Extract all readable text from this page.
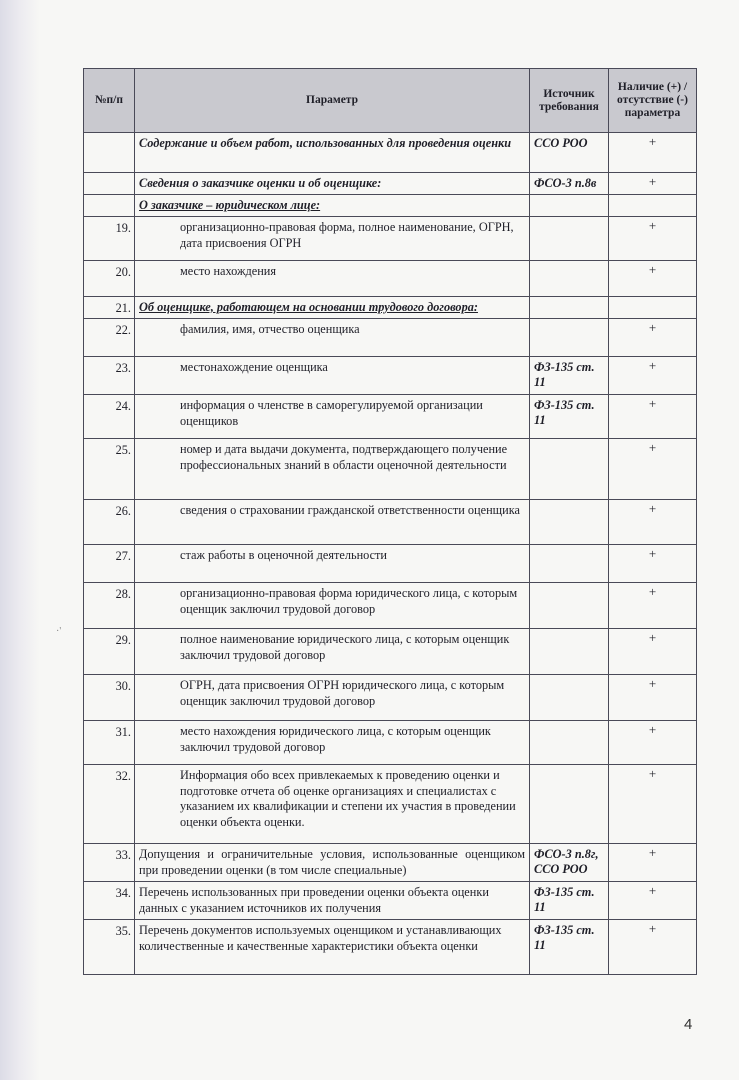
·'
№п/п	Параметр	Источник требования	Наличие (+) /отсутствие (-) параметра
	Содержание и объем работ, использованных для проведения оценки	ССО РОО	+
	Сведения о заказчике оценки и об оценщике:	ФСО-3 п.8в	+
	О заказчике – юридическом лице:		
19.	организационно-правовая форма, полное наименование, ОГРН, дата присвоения ОГРН		+
20.	место нахождения		+
21.	Об оценщике, работающем на основании трудового договора:		
22.	фамилия, имя, отчество оценщика		+
23.	местонахождение оценщика	ФЗ-135 ст. 11	+
24.	информация о членстве в саморегулируемой организации оценщиков	ФЗ-135 ст. 11	+
25.	номер и дата выдачи документа, подтверждающего получение профессиональных знаний в области оценочной деятельности		+
26.	сведения о страховании гражданской ответственности оценщика		+
27.	стаж работы в оценочной деятельности		+
28.	организационно-правовая форма юридического лица, с которым оценщик заключил трудовой договор		+
29.	полное наименование юридического лица, с которым оценщик заключил трудовой договор		+
30.	ОГРН, дата присвоения ОГРН юридического лица, с которым оценщик заключил трудовой договор		+
31.	место нахождения юридического лица, с которым оценщик заключил трудовой договор		+
32.	Информация обо всех привлекаемых к проведению оценки и подготовке отчета об оценке организациях и специалистах с указанием их квалификации и степени их участия в проведении оценки объекта оценки.		+
33.	Допущения и ограничительные условия, использованные оценщиком при проведении оценки (в том числе специальные)	ФСО-3 п.8г, ССО РОО	+
34.	Перечень использованных при проведении оценки объекта оценки данных с указанием источников их получения	ФЗ-135 ст. 11	+
35.	Перечень документов используемых оценщиком и устанавливающих количественные и качественные характеристики объекта оценки	ФЗ-135 ст. 11	+
4
